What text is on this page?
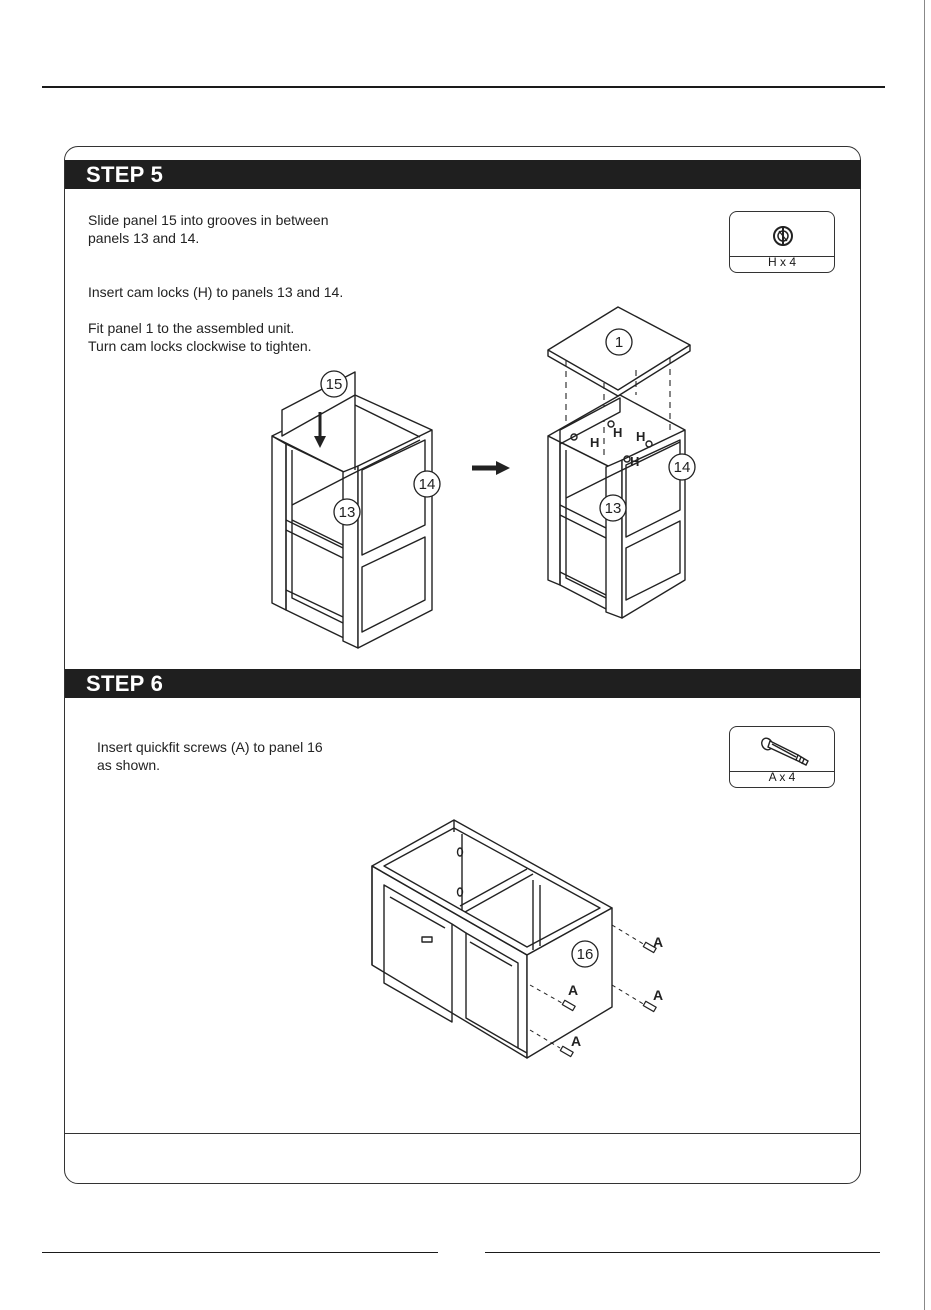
STEP 5
Slide panel 15 into grooves in between
panels 13 and 14.
Insert cam locks (H) to panels 13 and 14.
Fit panel 1 to the assembled unit.
Turn cam locks clockwise to tighten.
H x 4
15
14
13
1
14
13
H
H H
H
STEP 6
Insert quickfit screws (A) to panel 16
as shown.
A x 4
16
A
A
A
A
